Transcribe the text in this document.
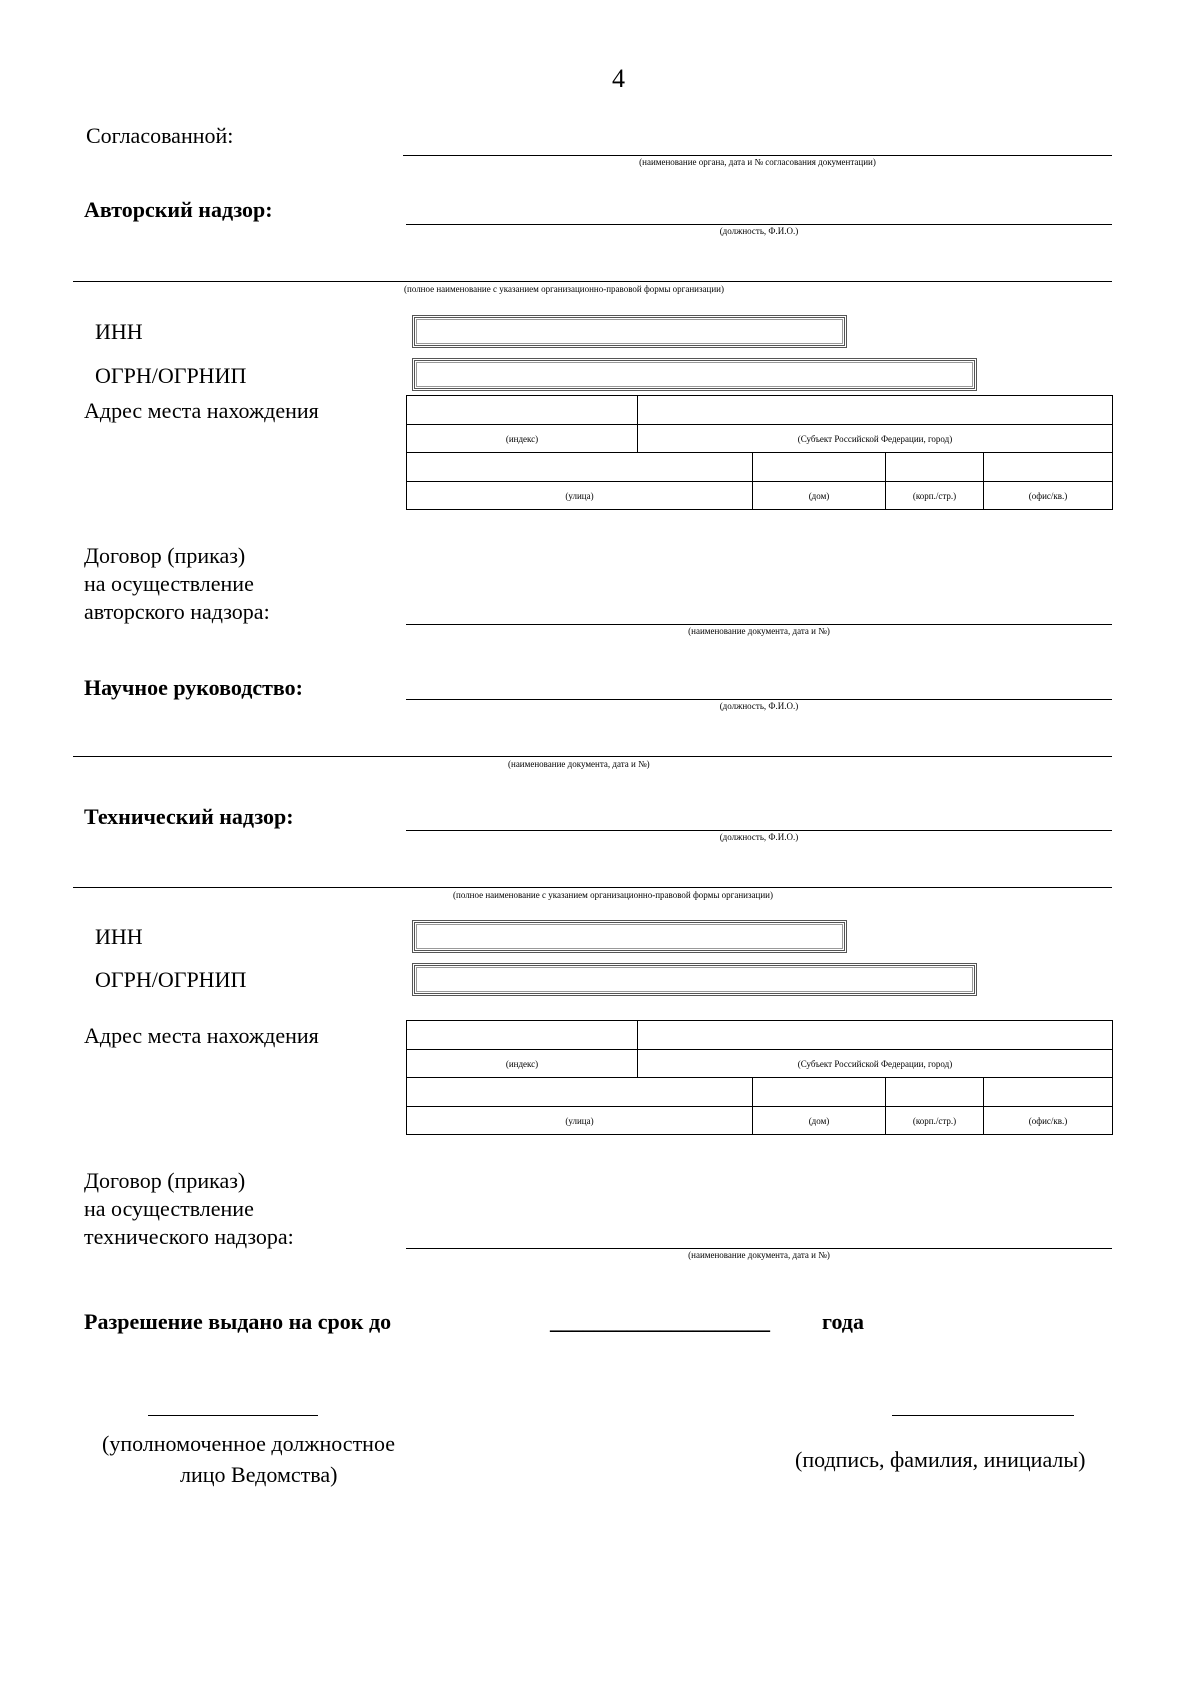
4
Согласованной:
(наименование органа, дата и № согласования документации)
Авторский надзор:
(должность, Ф.И.О.)
(полное наименование с указанием организационно-правовой формы организации)
ИНН
ОГРН/ОГРНИП
Адрес места нахождения

(индекс)	(Субъект Российской Федерации, город)			

(улица)		(дом)	(корп./стр.)	(офис/кв.)
Договор (приказ)
на осуществление
авторского надзора:
(наименование документа, дата и №)
Научное руководство:
(должность, Ф.И.О.)
(наименование документа, дата и №)
Технический надзор:
(должность, Ф.И.О.)
(полное наименование с указанием организационно-правовой формы организации)
ИНН
ОГРН/ОГРНИП
Адрес места нахождения

(индекс)	(Субъект Российской Федерации, город)			

(улица)		(дом)	(корп./стр.)	(офис/кв.)
Договор (приказ)
на осуществление
технического надзора:
(наименование документа, дата и №)
Разрешение выдано на срок до	____________________ года
(уполномоченное должностное
лицо Ведомства)
(подпись, фамилия, инициалы)
